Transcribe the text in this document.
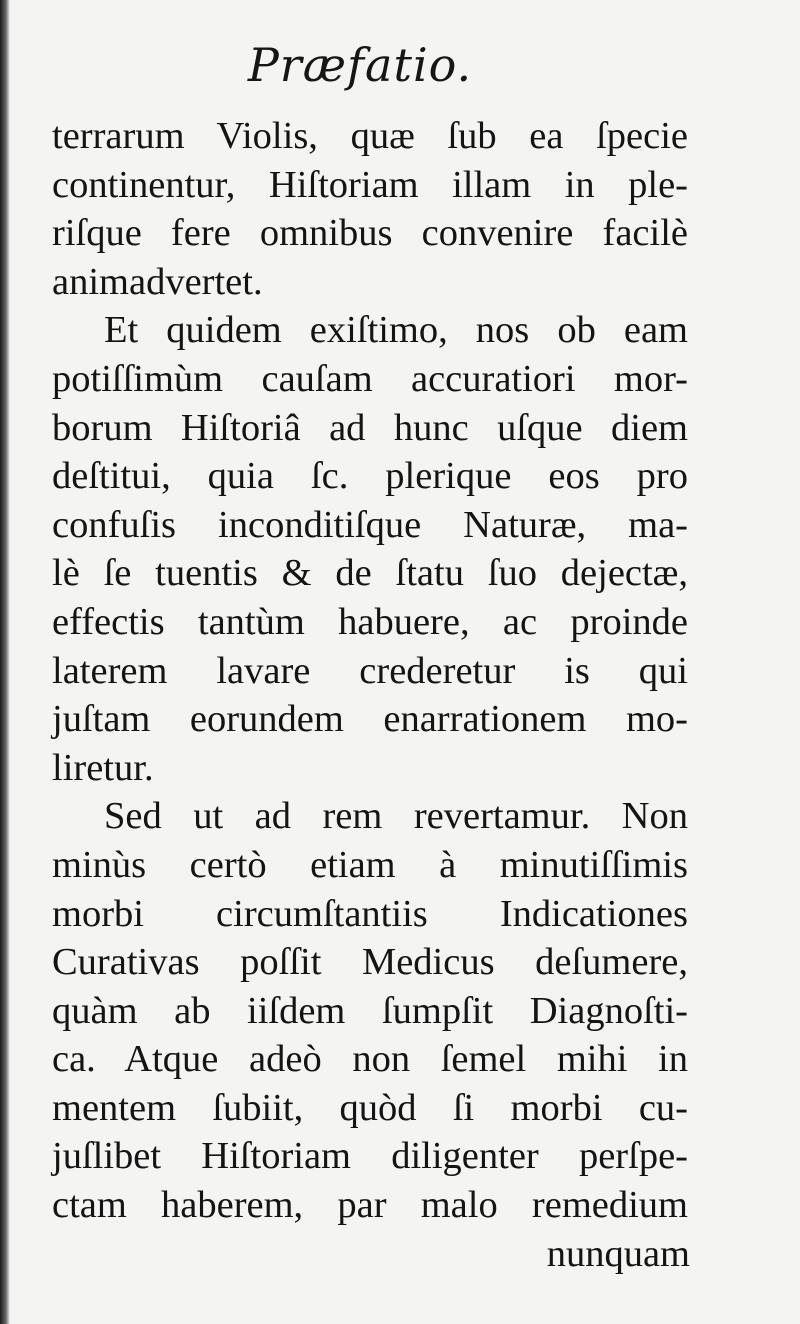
Præfatio.
terrarum Violis, quæ ſub ea ſpecie
continentur, Hiſtoriam illam in ple-
riſque fere omnibus convenire facilè
animadvertet.
Et quidem exiſtimo, nos ob eam
potiſſimùm cauſam accuratiori mor-
borum Hiſtoriâ ad hunc uſque diem
deſtitui, quia ſc. plerique eos pro
confuſis inconditiſque Naturæ, ma-
lè ſe tuentis & de ſtatu ſuo dejectæ,
effectis tantùm habuere, ac proinde
laterem lavare crederetur is qui
juſtam eorundem enarrationem mo-
liretur.
Sed ut ad rem revertamur. Non
minùs certò etiam à minutiſſimis
morbi circumſtantiis Indicationes
Curativas poſſit Medicus deſumere,
quàm ab iiſdem ſumpſit Diagnoſti-
ca. Atque adeò non ſemel mihi in
mentem ſubiit, quòd ſi morbi cu-
juſlibet Hiſtoriam diligenter perſpe-
ctam haberem, par malo remedium
nunquam
